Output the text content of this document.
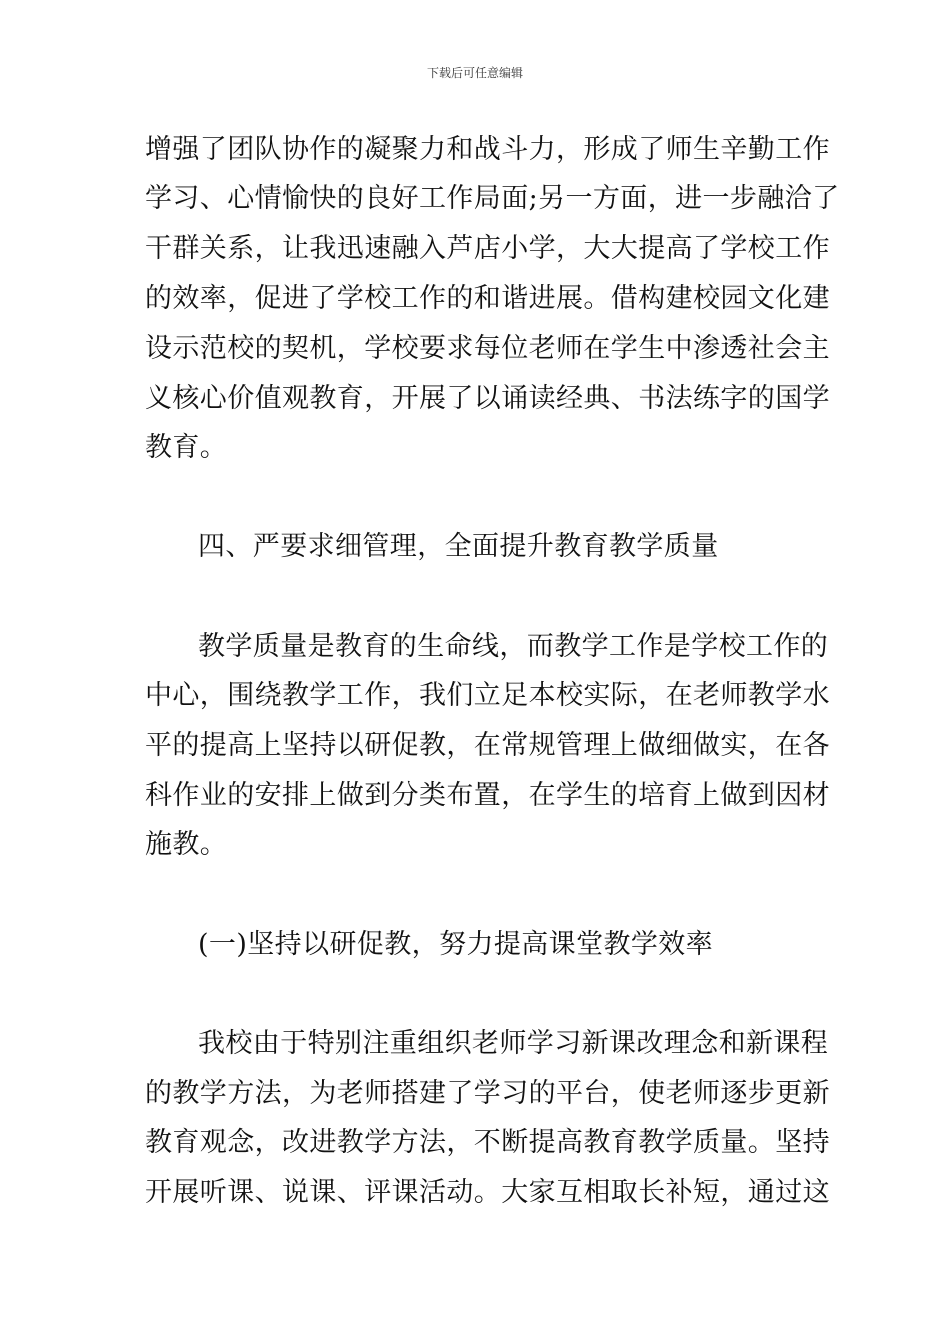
下载后可任意编辑
增强了团队协作的凝聚力和战斗力，形成了师生辛勤工作
学习、心情愉快的良好工作局面;另一方面，进一步融洽了
干群关系，让我迅速融入芦店小学，大大提高了学校工作
的效率，促进了学校工作的和谐进展。借构建校园文化建
设示范校的契机，学校要求每位老师在学生中渗透社会主
义核心价值观教育，开展了以诵读经典、书法练字的国学
教育。
四、严要求细管理，全面提升教育教学质量
教学质量是教育的生命线，而教学工作是学校工作的
中心，围绕教学工作，我们立足本校实际，在老师教学水
平的提高上坚持以研促教，在常规管理上做细做实，在各
科作业的安排上做到分类布置，在学生的培育上做到因材
施教。
(一)坚持以研促教，努力提高课堂教学效率
我校由于特别注重组织老师学习新课改理念和新课程
的教学方法，为老师搭建了学习的平台，使老师逐步更新
教育观念，改进教学方法，不断提高教育教学质量。坚持
开展听课、说课、评课活动。大家互相取长补短，通过这
